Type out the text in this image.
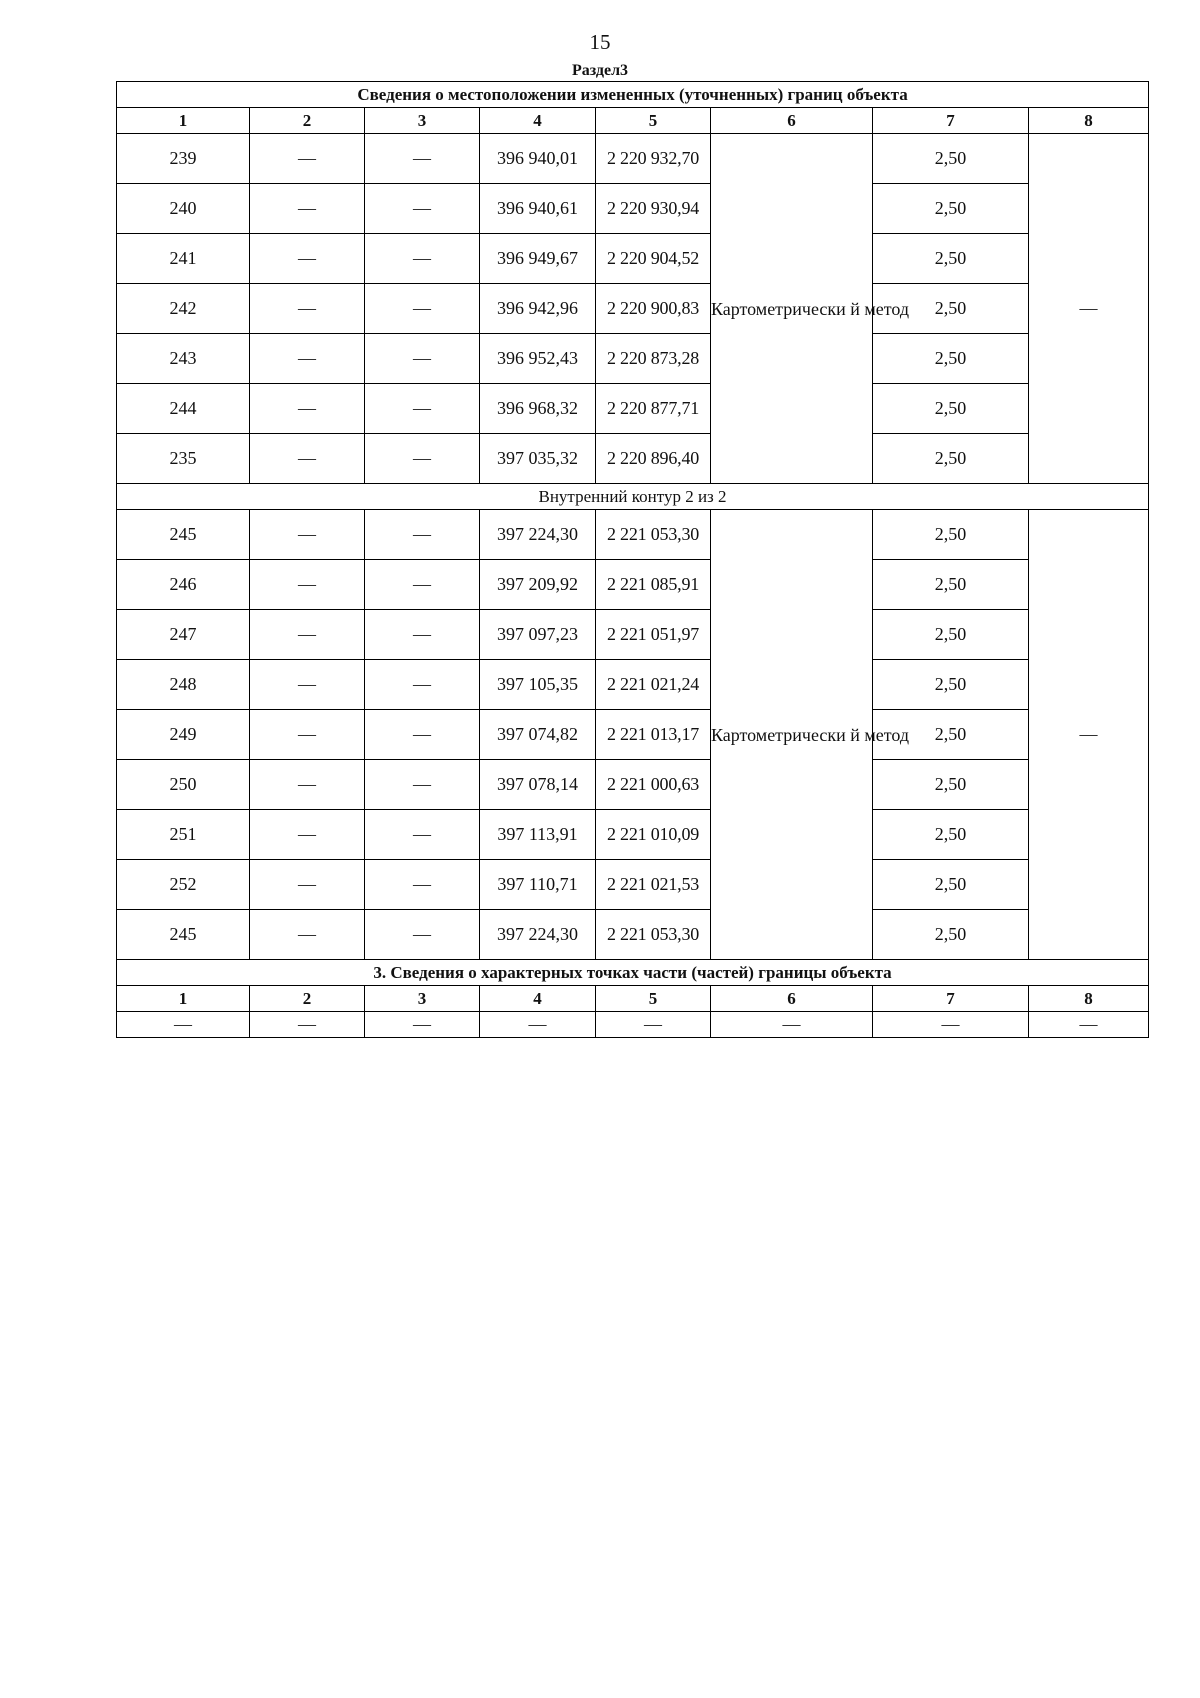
15
Раздел3
Сведения о местоположении измененных (уточненных) границ объекта							
1	2	3	4	5	6	7	8
239	—	—	396 940,01	2 220 932,70	Картометрически й метод	2,50	—
240	—	—	396 940,61	2 220 930,94		2,50	
241	—	—	396 949,67	2 220 904,52		2,50	
242	—	—	396 942,96	2 220 900,83		2,50	
243	—	—	396 952,43	2 220 873,28		2,50	
244	—	—	396 968,32	2 220 877,71		2,50	
235	—	—	397 035,32	2 220 896,40		2,50	
Внутренний контур 2 из 2							
245	—	—	397 224,30	2 221 053,30	Картометрически й метод	2,50	—
246	—	—	397 209,92	2 221 085,91		2,50	
247	—	—	397 097,23	2 221 051,97		2,50	
248	—	—	397 105,35	2 221 021,24		2,50	
249	—	—	397 074,82	2 221 013,17		2,50	
250	—	—	397 078,14	2 221 000,63		2,50	
251	—	—	397 113,91	2 221 010,09		2,50	
252	—	—	397 110,71	2 221 021,53		2,50	
245	—	—	397 224,30	2 221 053,30		2,50	
3. Сведения о характерных точках части (частей) границы объекта							
1	2	3	4	5	6	7	8
—	—	—	—	—	—	—	—
